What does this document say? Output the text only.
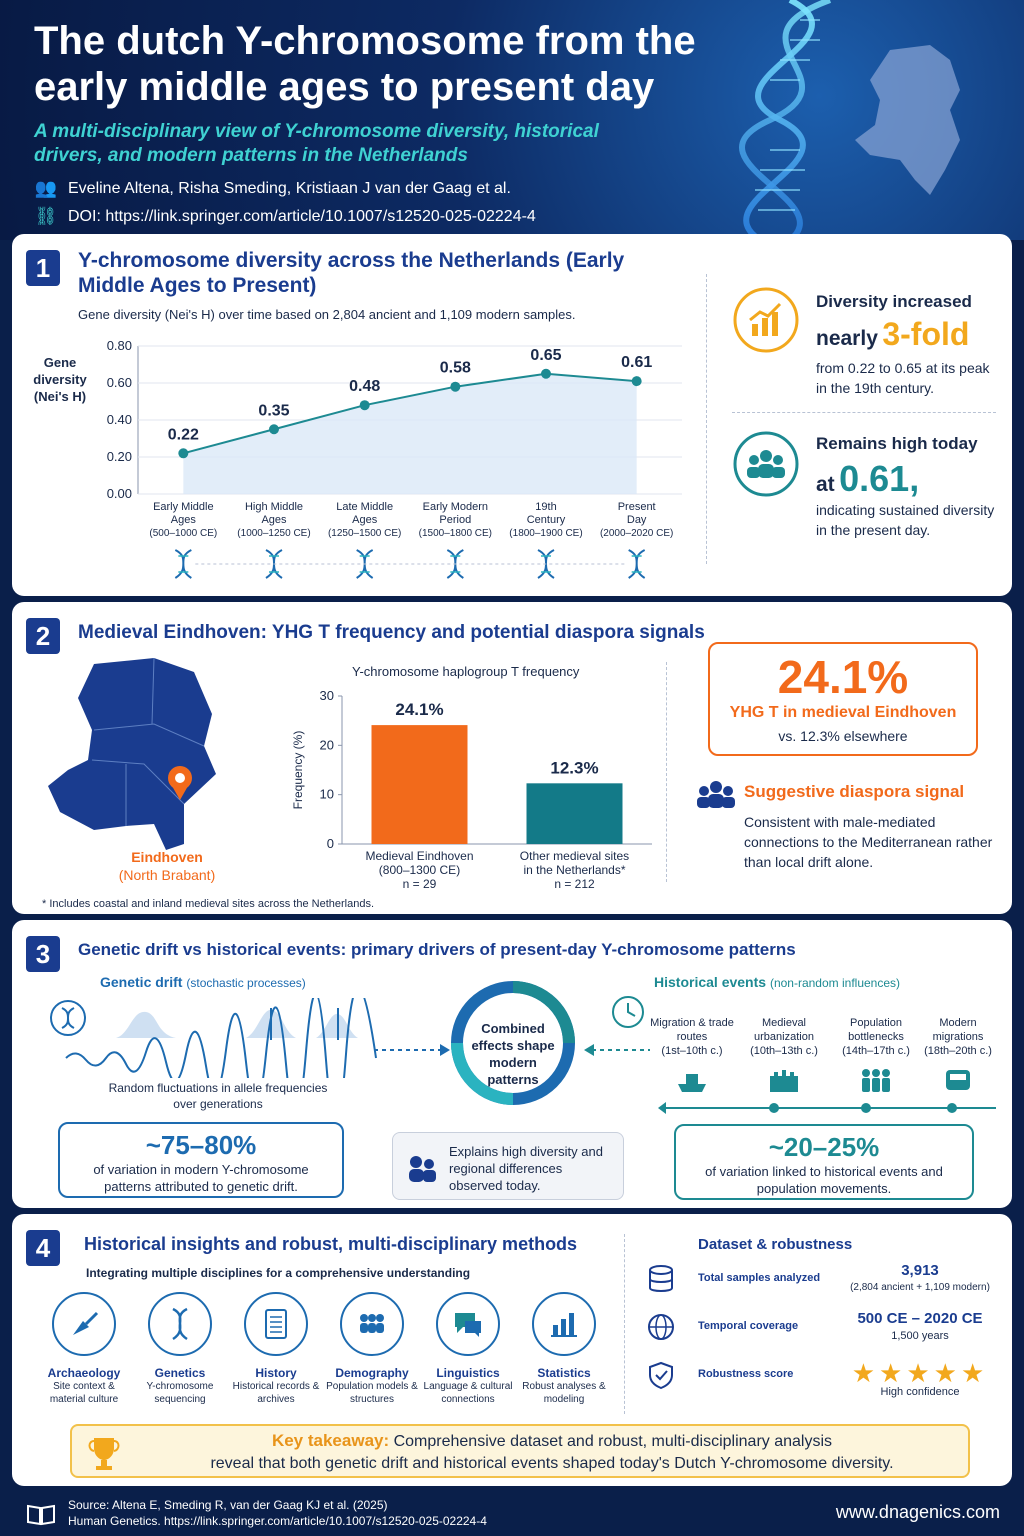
The dutch Y-chromosome from the early middle ages to present day
A multi-disciplinary view of Y-chromosome diversity, historical drivers, and modern patterns in the Netherlands
👥 Eveline Altena, Risha Smeding, Kristiaan J van der Gaag et al.
⛓ DOI: https://link.springer.com/article/10.1007/s12520-025-02224-4
1	Y-chromosome diversity across the Netherlands (Early Middle Ages to Present)
Gene diversity (Nei's H) over time based on 2,804 ancient and 1,109 modern samples.
Gene
diversity
(Nei's H)
0.00
0.20
0.40
0.60
0.80
0.22
0.35
0.48
0.58
0.65	0.61
Early Middle
Ages
(500–1000 CE)
High Middle
Ages
(1000–1250 CE)
Late Middle
Ages
(1250–1500 CE)
Early Modern
Period
(1500–1800 CE)
19th
Century
(1800–1900 CE)
Present
Day
(2000–2020 CE)
Diversity increased
nearly 3-fold
from 0.22 to 0.65 at its peak in the 19th century.
Remains high today
at 0.61,
indicating sustained diversity in the present day.
2	Medieval Eindhoven: YHG T frequency and potential diaspora signals
Eindhoven
(North Brabant)
* Includes coastal and inland medieval sites across the Netherlands.
Y-chromosome haplogroup T frequency
Frequency (%)
0
10
20
30
24.1%
Medieval Eindhoven
(800–1300 CE)
n = 29
12.3%
Other medieval sites
in the Netherlands*
n = 212
24.1%
YHG T in medieval Eindhoven
vs. 12.3% elsewhere
Suggestive diaspora signal
Consistent with male-mediated connections to the Mediterranean rather than local drift alone.
3	Genetic drift vs historical events: primary drivers of present-day Y-chromosome patterns
Genetic drift (stochastic processes)
Random fluctuations in allele frequencies over generations
~75–80%
of variation in modern Y-chromosome patterns attributed to genetic drift.
Combined effects shape modern patterns
Explains high diversity and regional differences observed today.
Historical events (non-random influences)
Migration & trade routes
(1st–10th c.)
Medieval urbanization
(10th–13th c.)
Population bottlenecks
(14th–17th c.)
Modern migrations
(18th–20th c.)
~20–25%
of variation linked to historical events and population movements.
4	Historical insights and robust, multi-disciplinary methods
Integrating multiple disciplines for a comprehensive understanding
Archaeology
Site context & material culture
Genetics
Y-chromosome sequencing
History
Historical records & archives
Demography
Population models & structures
Linguistics
Language & cultural connections
Statistics
Robust analyses & modeling
Dataset & robustness
Total samples analyzed	3,913
(2,804 ancient + 1,109 modern)
Temporal coverage	500 CE – 2020 CE
1,500 years
Robustness score	★★★★★
High confidence
Key takeaway: Comprehensive dataset and robust, multi-disciplinary analysis
reveal that both genetic drift and historical events shaped today's Dutch Y-chromosome diversity.
Source: Altena E, Smeding R, van der Gaag KJ et al. (2025)
Human Genetics. https://link.springer.com/article/10.1007/s12520-025-02224-4	www.dnagenics.com
